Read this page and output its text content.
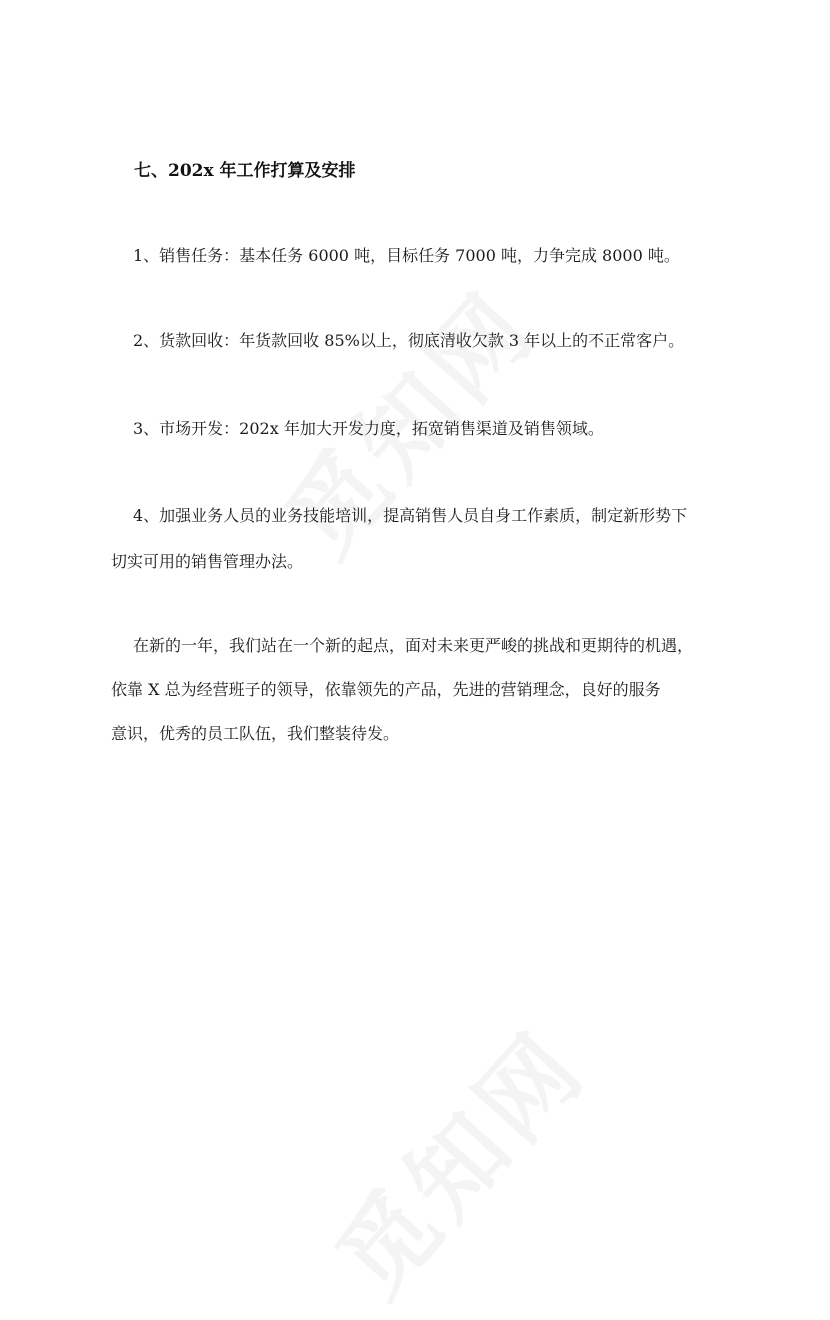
七、202x 年工作打算及安排
1、销售任务：基本任务 6000 吨，目标任务 7000 吨，力争完成 8000 吨。
2、货款回收：年货款回收 85%以上，彻底清收欠款 3 年以上的不正常客户。
3、市场开发：202x 年加大开发力度，拓宽销售渠道及销售领域。
4、加强业务人员的业务技能培训，提高销售人员自身工作素质，制定新形势下
切实可用的销售管理办法。
在新的一年，我们站在一个新的起点，面对未来更严峻的挑战和更期待的机遇，
依靠 X 总为经营班子的领导，依靠领先的产品，先进的营销理念，良好的服务
意识，优秀的员工队伍，我们整装待发。
